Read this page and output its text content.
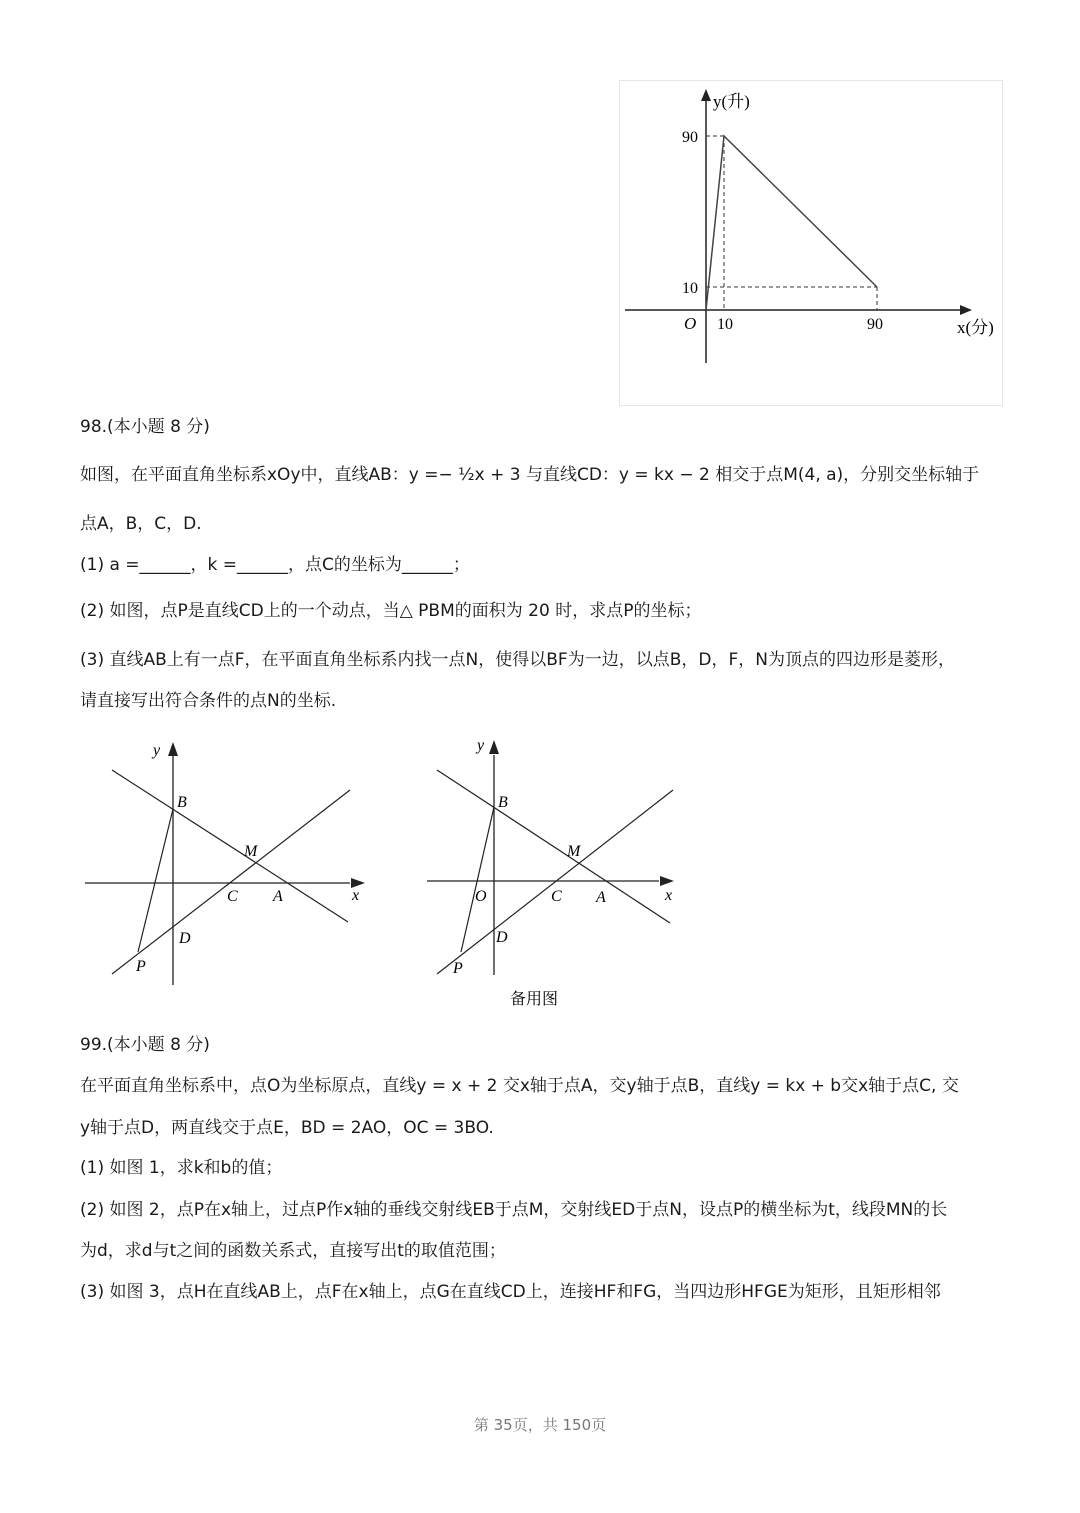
y(升)
90
10
O 10	90	x(分)
98.(本小题 8 分)
如图，在平面直角坐标系xOy中，直线AB：y =− ½x + 3 与直线CD：y = kx − 2 相交于点M(4, a)，分别交坐标轴于
点A，B，C，D.
(1) a =______，k =______，点C的坐标为______；
(2) 如图，点P是直线CD上的一个动点，当△ PBM的面积为 20 时，求点P的坐标；
(3) 直线AB上有一点F，在平面直角坐标系内找一点N，使得以BF为一边，以点B，D，F，N为顶点的四边形是菱形，
请直接写出符合条件的点N的坐标.
y
B
M
C A	x
D
P
y
B
M
O	C A	x
D
P
备用图
99.(本小题 8 分)
在平面直角坐标系中，点O为坐标原点，直线y = x + 2 交x轴于点A，交y轴于点B，直线y = kx + b交x轴于点C, 交
y轴于点D，两直线交于点E，BD = 2AO，OC = 3BO.
(1) 如图 1，求k和b的值；
(2) 如图 2，点P在x轴上，过点P作x轴的垂线交射线EB于点M，交射线ED于点N，设点P的横坐标为t，线段MN的长
为d，求d与t之间的函数关系式，直接写出t的取值范围；
(3) 如图 3，点H在直线AB上，点F在x轴上，点G在直线CD上，连接HF和FG，当四边形HFGE为矩形，且矩形相邻
第 35页，共 150页
